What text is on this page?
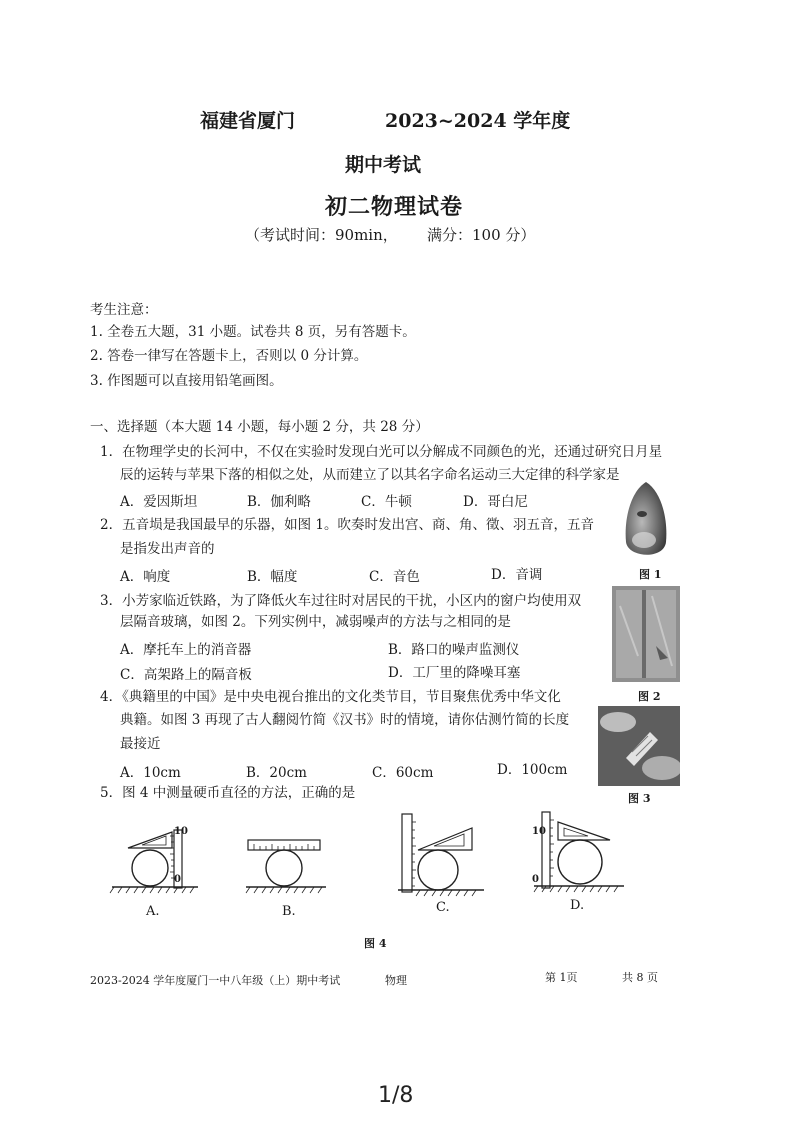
福建省厦门	2023~2024 学年度
期中考试
初二物理试卷
（考试时间：90min， 满分：100 分）
考生注意：
1. 全卷五大题，31 小题。试卷共 8 页，另有答题卡。
2. 答卷一律写在答题卡上，否则以 0 分计算。
3. 作图题可以直接用铅笔画图。
一、选择题（本大题 14 小题，每小题 2 分，共 28 分）
1．在物理学史的长河中，不仅在实验时发现白光可以分解成不同颜色的光，还通过研究日月星
辰的运转与苹果下落的相似之处，从而建立了以其名字命名运动三大定律的科学家是
A．爱因斯坦	B．伽利略	C．牛顿	D．哥白尼
2．五音埙是我国最早的乐器，如图 1。吹奏时发出宫、商、角、徵、羽五音，五音
是指发出声音的
A．响度	B．幅度	C．音色	D．音调	图 1
3．小芳家临近铁路，为了降低火车过往时对居民的干扰，小区内的窗户均使用双
层隔音玻璃，如图 2。下列实例中，减弱噪声的方法与之相同的是
A．摩托车上的消音器	B．路口的噪声监测仪
C．高架路上的隔音板	D．工厂里的降噪耳塞
图 2
4．《典籍里的中国》是中央电视台推出的文化类节目，节目聚焦优秀中华文化
典籍。如图 3 再现了古人翻阅竹简《汉书》时的情境，请你估测竹简的长度
最接近
A．10cm	B．20cm	C．60cm	D．100cm
图 3
5．图 4 中测量硬币直径的方法，正确的是
10
0
A.	B.	C.
10
0
D.
图 4
2023-2024 学年度厦门一中八年级（上）期中考试	物理	第 1页	共 8 页
1/8
